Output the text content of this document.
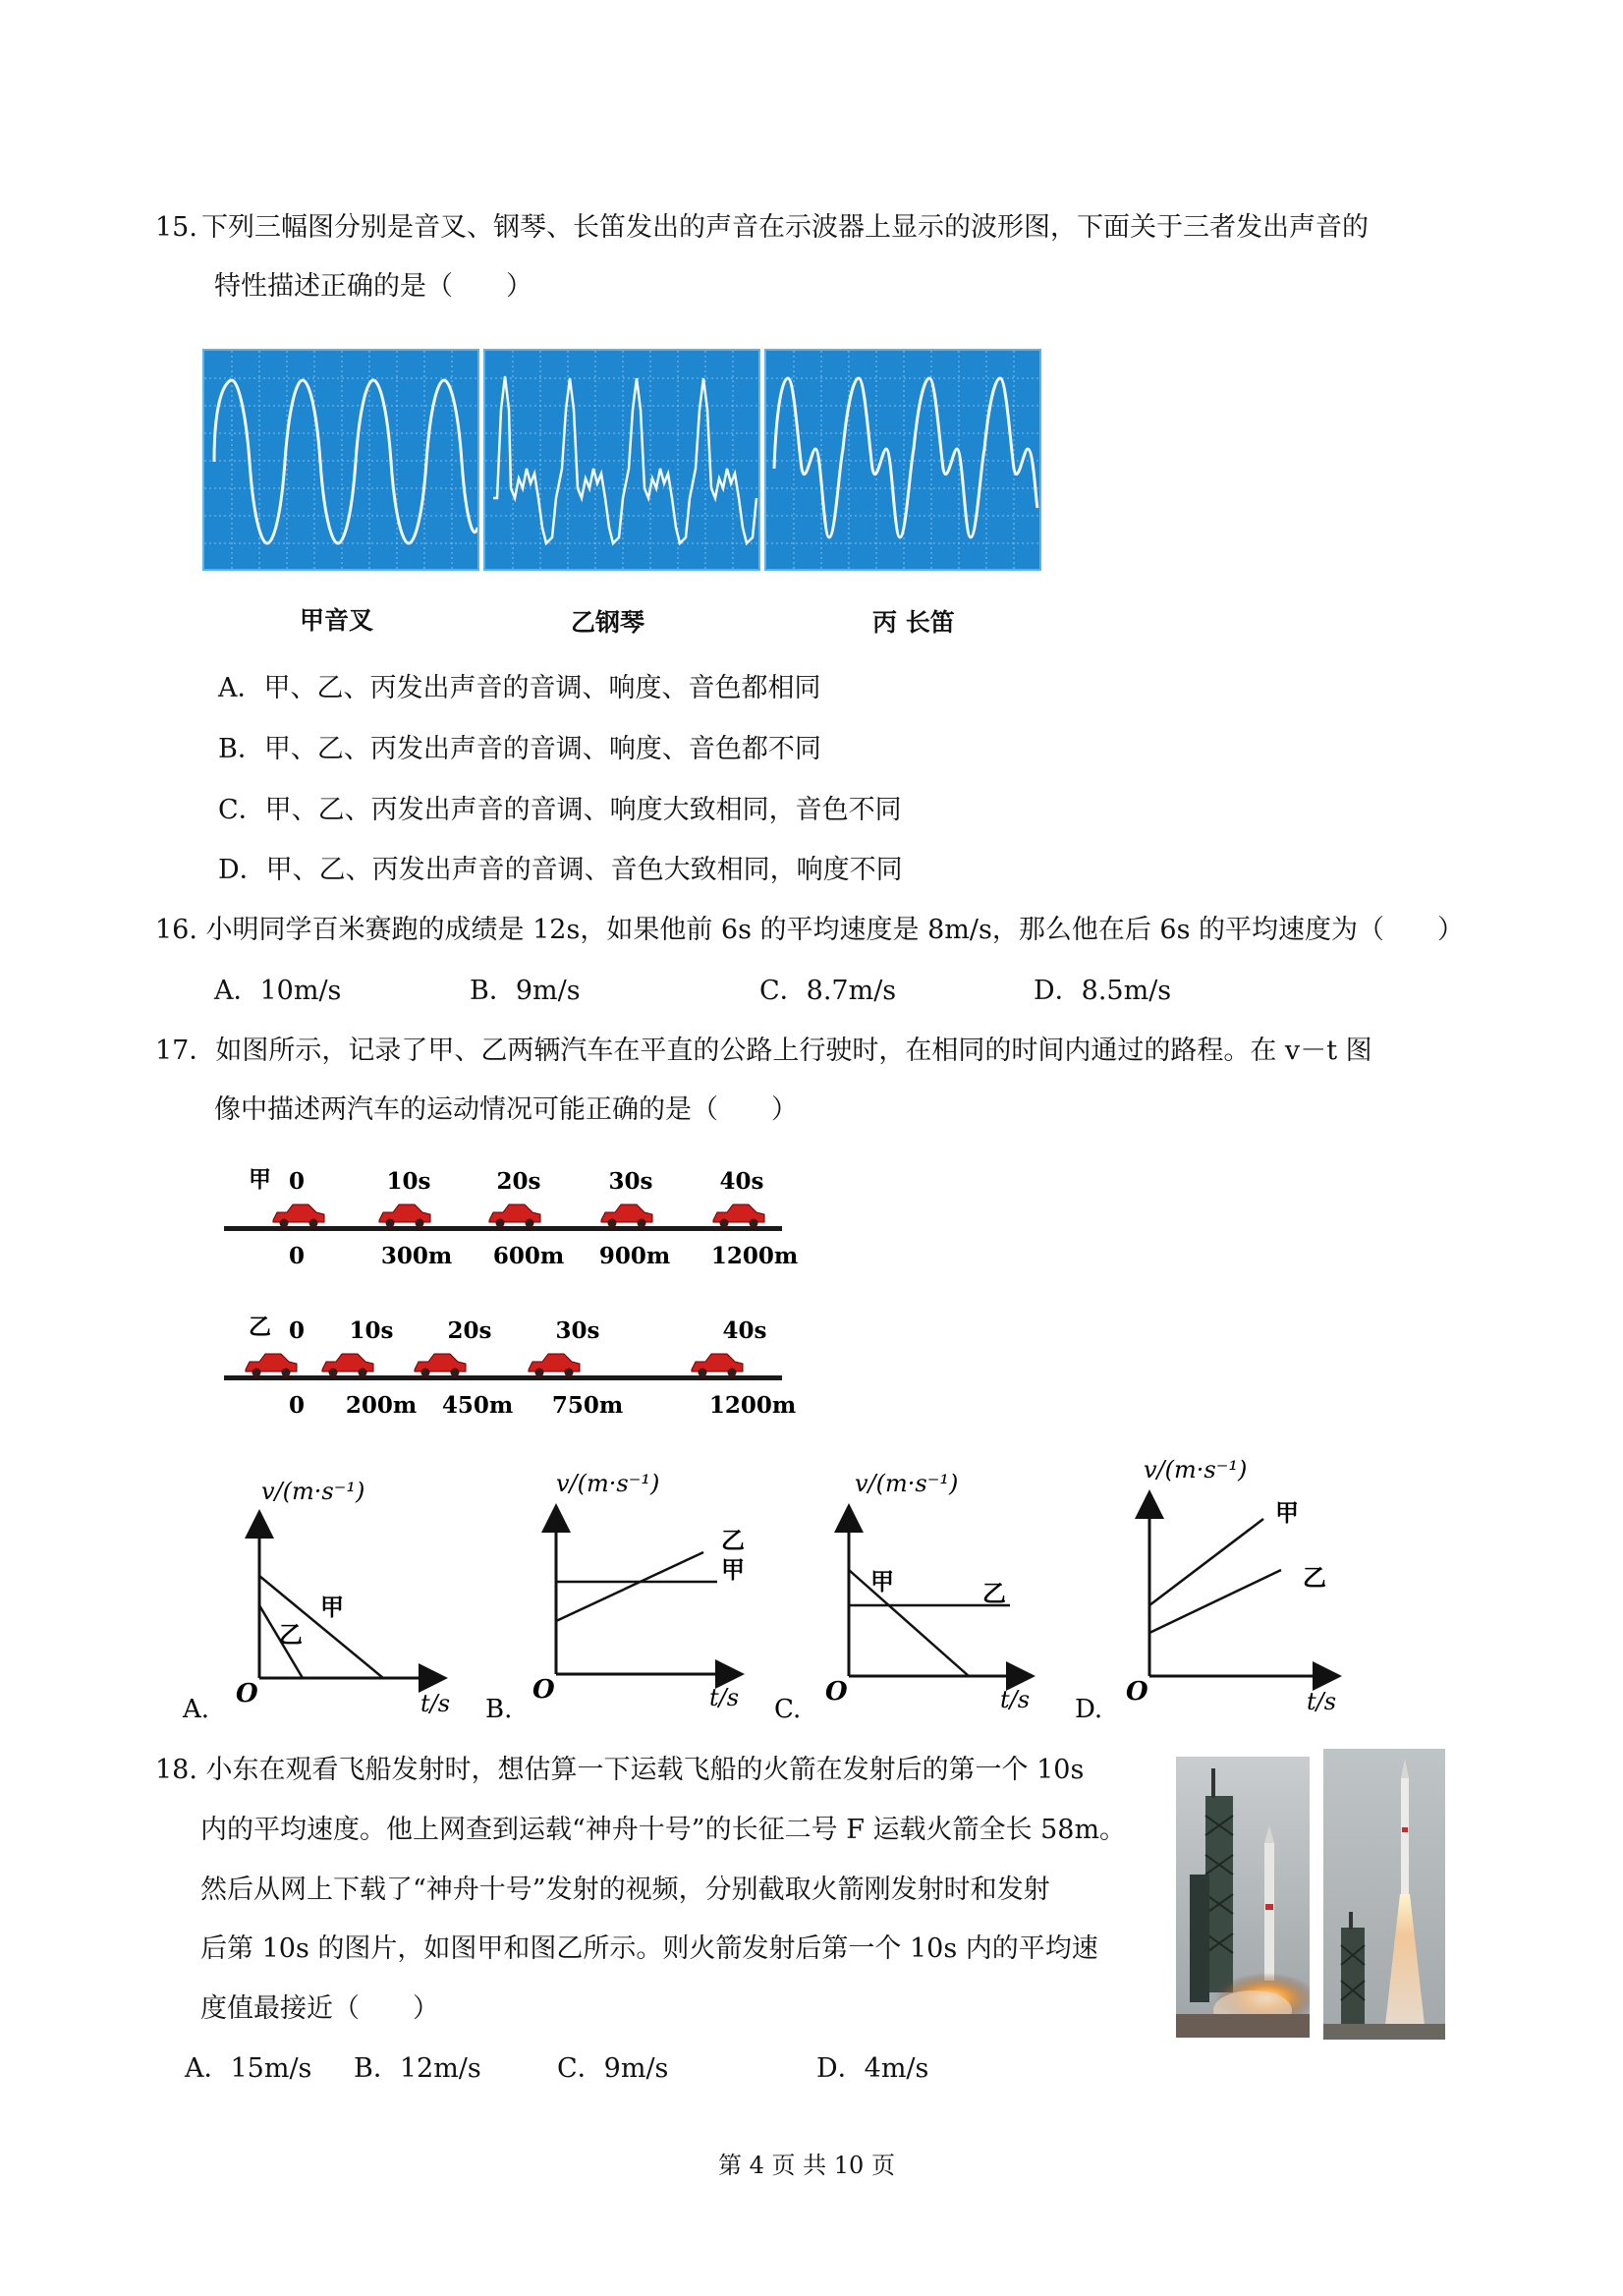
15. 下列三幅图分别是音叉、钢琴、长笛发出的声音在示波器上显示的波形图，下面关于三者发出声音的
特性描述正确的是（　　）
甲音叉	乙钢琴	丙 长笛
A．甲、乙、丙发出声音的音调、响度、音色都相同
B．甲、乙、丙发出声音的音调、响度、音色都不同
C．甲、乙、丙发出声音的音调、响度大致相同，音色不同
D．甲、乙、丙发出声音的音调、音色大致相同，响度不同
16. 小明同学百米赛跑的成绩是 12s，如果他前 6s 的平均速度是 8m/s，那么他在后 6s 的平均速度为（　　）
A．10m/s	B．9m/s	C．8.7m/s	D．8.5m/s
17．如图所示，记录了甲、乙两辆汽车在平直的公路上行驶时，在相同的时间内通过的路程。在 v－t 图
像中描述两汽车的运动情况可能正确的是（　　）
甲 0	10s	20s	30s	40s
0	300m 600m 900m 1200m
乙 0 10s 20s	30s	40s
0 200m 450m 750m	1200m
v/(m·s⁻¹)
甲
乙
O	t/s
A.
v/(m·s⁻¹)
乙
甲
O	t/s
B.
v/(m·s⁻¹)
甲	乙
O	t/s
C.
v/(m·s⁻¹)
甲
乙
O	t/s
D.
18. 小东在观看飞船发射时，想估算一下运载飞船的火箭在发射后的第一个 10s
内的平均速度。他上网查到运载“神舟十号”的长征二号 F 运载火箭全长 58m。
然后从网上下载了“神舟十号”发射的视频，分别截取火箭刚发射时和发射
后第 10s 的图片，如图甲和图乙所示。则火箭发射后第一个 10s 内的平均速
度值最接近（　　）
A．15m/s B．12m/s	C．9m/s	D．4m/s
第 4 页 共 10 页
